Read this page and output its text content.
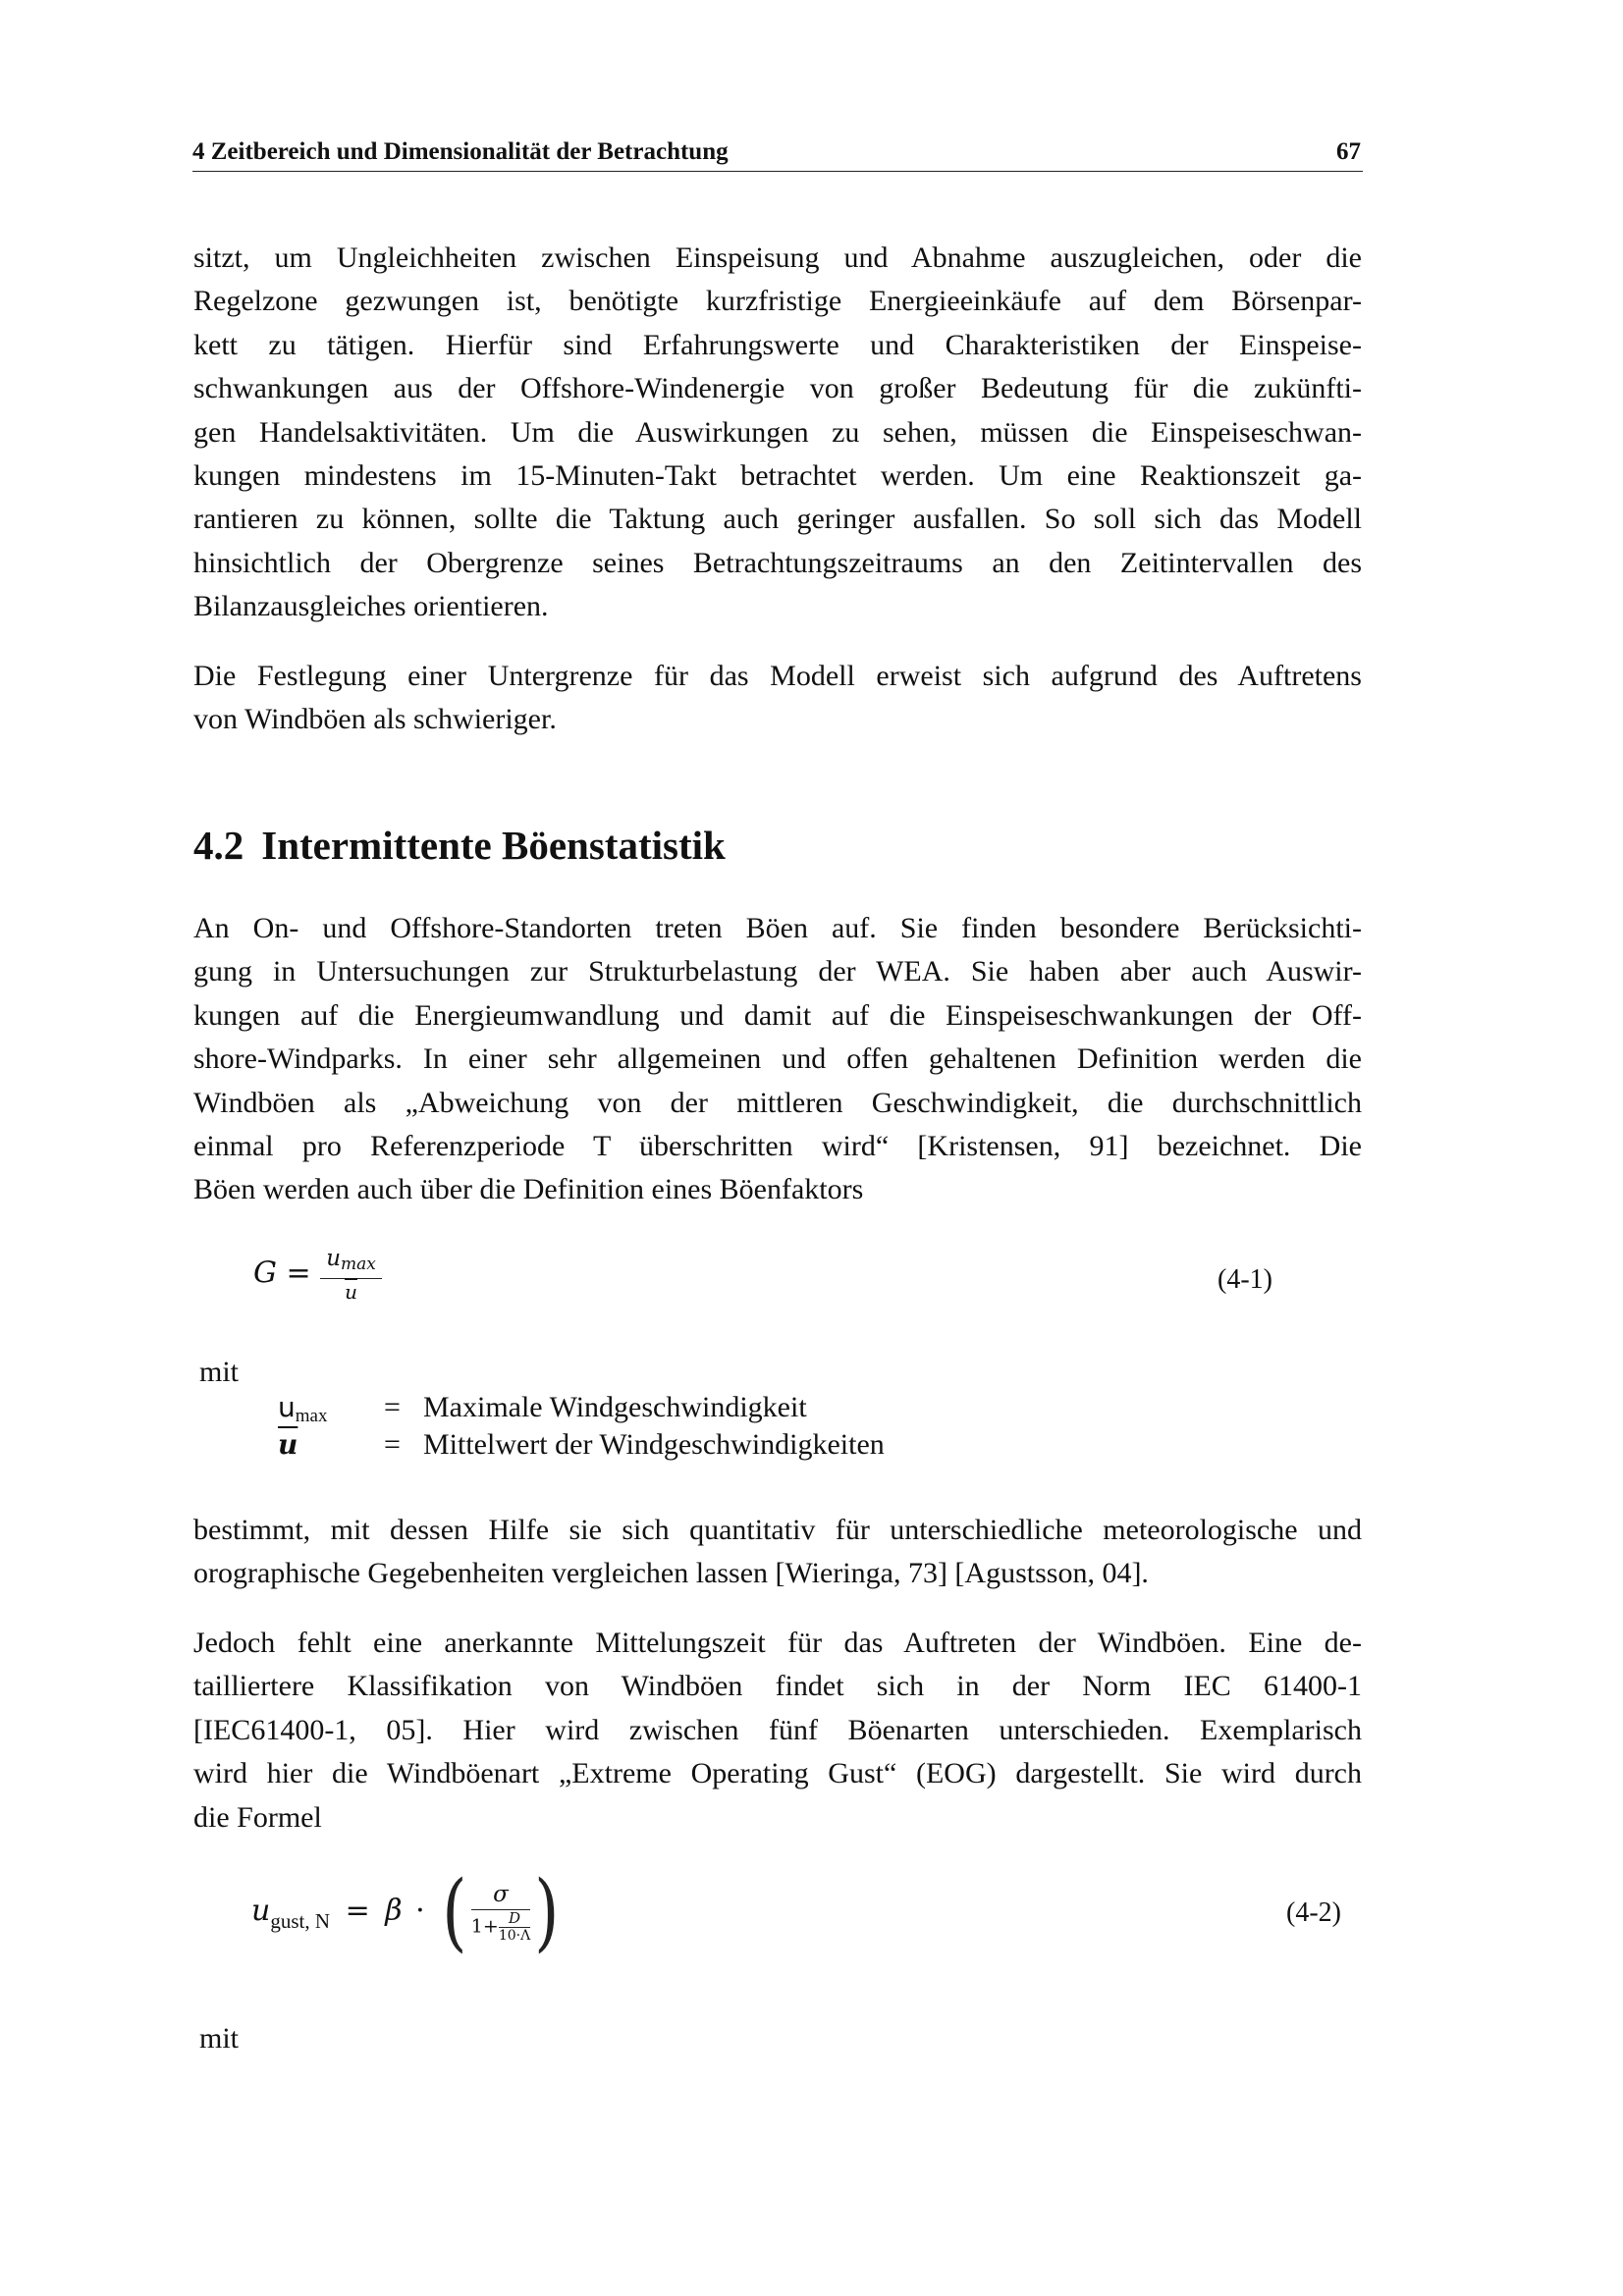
4 Zeitbereich und Dimensionalität der Betrachtung	67

sitzt, um Ungleichheiten zwischen Einspeisung und Abnahme auszugleichen, oder die
Regelzone gezwungen ist, benötigte kurzfristige Energieeinkäufe auf dem Börsenpar-
kett zu tätigen. Hierfür sind Erfahrungswerte und Charakteristiken der Einspeise-
schwankungen aus der Offshore-Windenergie von großer Bedeutung für die zukünfti-
gen Handelsaktivitäten. Um die Auswirkungen zu sehen, müssen die Einspeiseschwan-
kungen mindestens im 15-Minuten-Takt betrachtet werden. Um eine Reaktionszeit ga-
rantieren zu können, sollte die Taktung auch geringer ausfallen. So soll sich das Modell
hinsichtlich der Obergrenze seines Betrachtungszeitraums an den Zeitintervallen des
Bilanzausgleiches orientieren.

Die Festlegung einer Untergrenze für das Modell erweist sich aufgrund des Auftretens
von Windböen als schwieriger.

4.2 Intermittente Böenstatistik

An On- und Offshore-Standorten treten Böen auf. Sie finden besondere Berücksichti-
gung in Untersuchungen zur Strukturbelastung der WEA. Sie haben aber auch Auswir-
kungen auf die Energieumwandlung und damit auf die Einspeiseschwankungen der Off-
shore-Windparks. In einer sehr allgemeinen und offen gehaltenen Definition werden die
Windböen als „Abweichung von der mittleren Geschwindigkeit, die durchschnittlich
einmal pro Referenzperiode T überschritten wird“ [Kristensen, 91] bezeichnet. Die
Böen werden auch über die Definition eines Böenfaktors

$G = \frac{umax}{u}$	(4-1)
mit
umax	= Maximale Windgeschwindigkeit
$\overline{u}$	= Mittelwert der Windgeschwindigkeiten

bestimmt, mit dessen Hilfe sie sich quantitativ für unterschiedliche meteorologische und
orographische Gegebenheiten vergleichen lassen [Wieringa, 73] [Agustsson, 04].

Jedoch fehlt eine anerkannte Mittelungszeit für das Auftreten der Windböen. Eine de-
tailliertere Klassifikation von Windböen findet sich in der Norm IEC 61400-1
[IEC61400-1, 05]. Hier wird zwischen fünf Böenarten unterschieden. Exemplarisch
wird hier die Windböenart „Extreme Operating Gust“ (EOG) dargestellt. Sie wird durch
die Formel

$u_{gust, N} = \beta$ · (	σ
$1+ \frac{D}{10\cdot\Lambda}$ )	(4-2)
mit
